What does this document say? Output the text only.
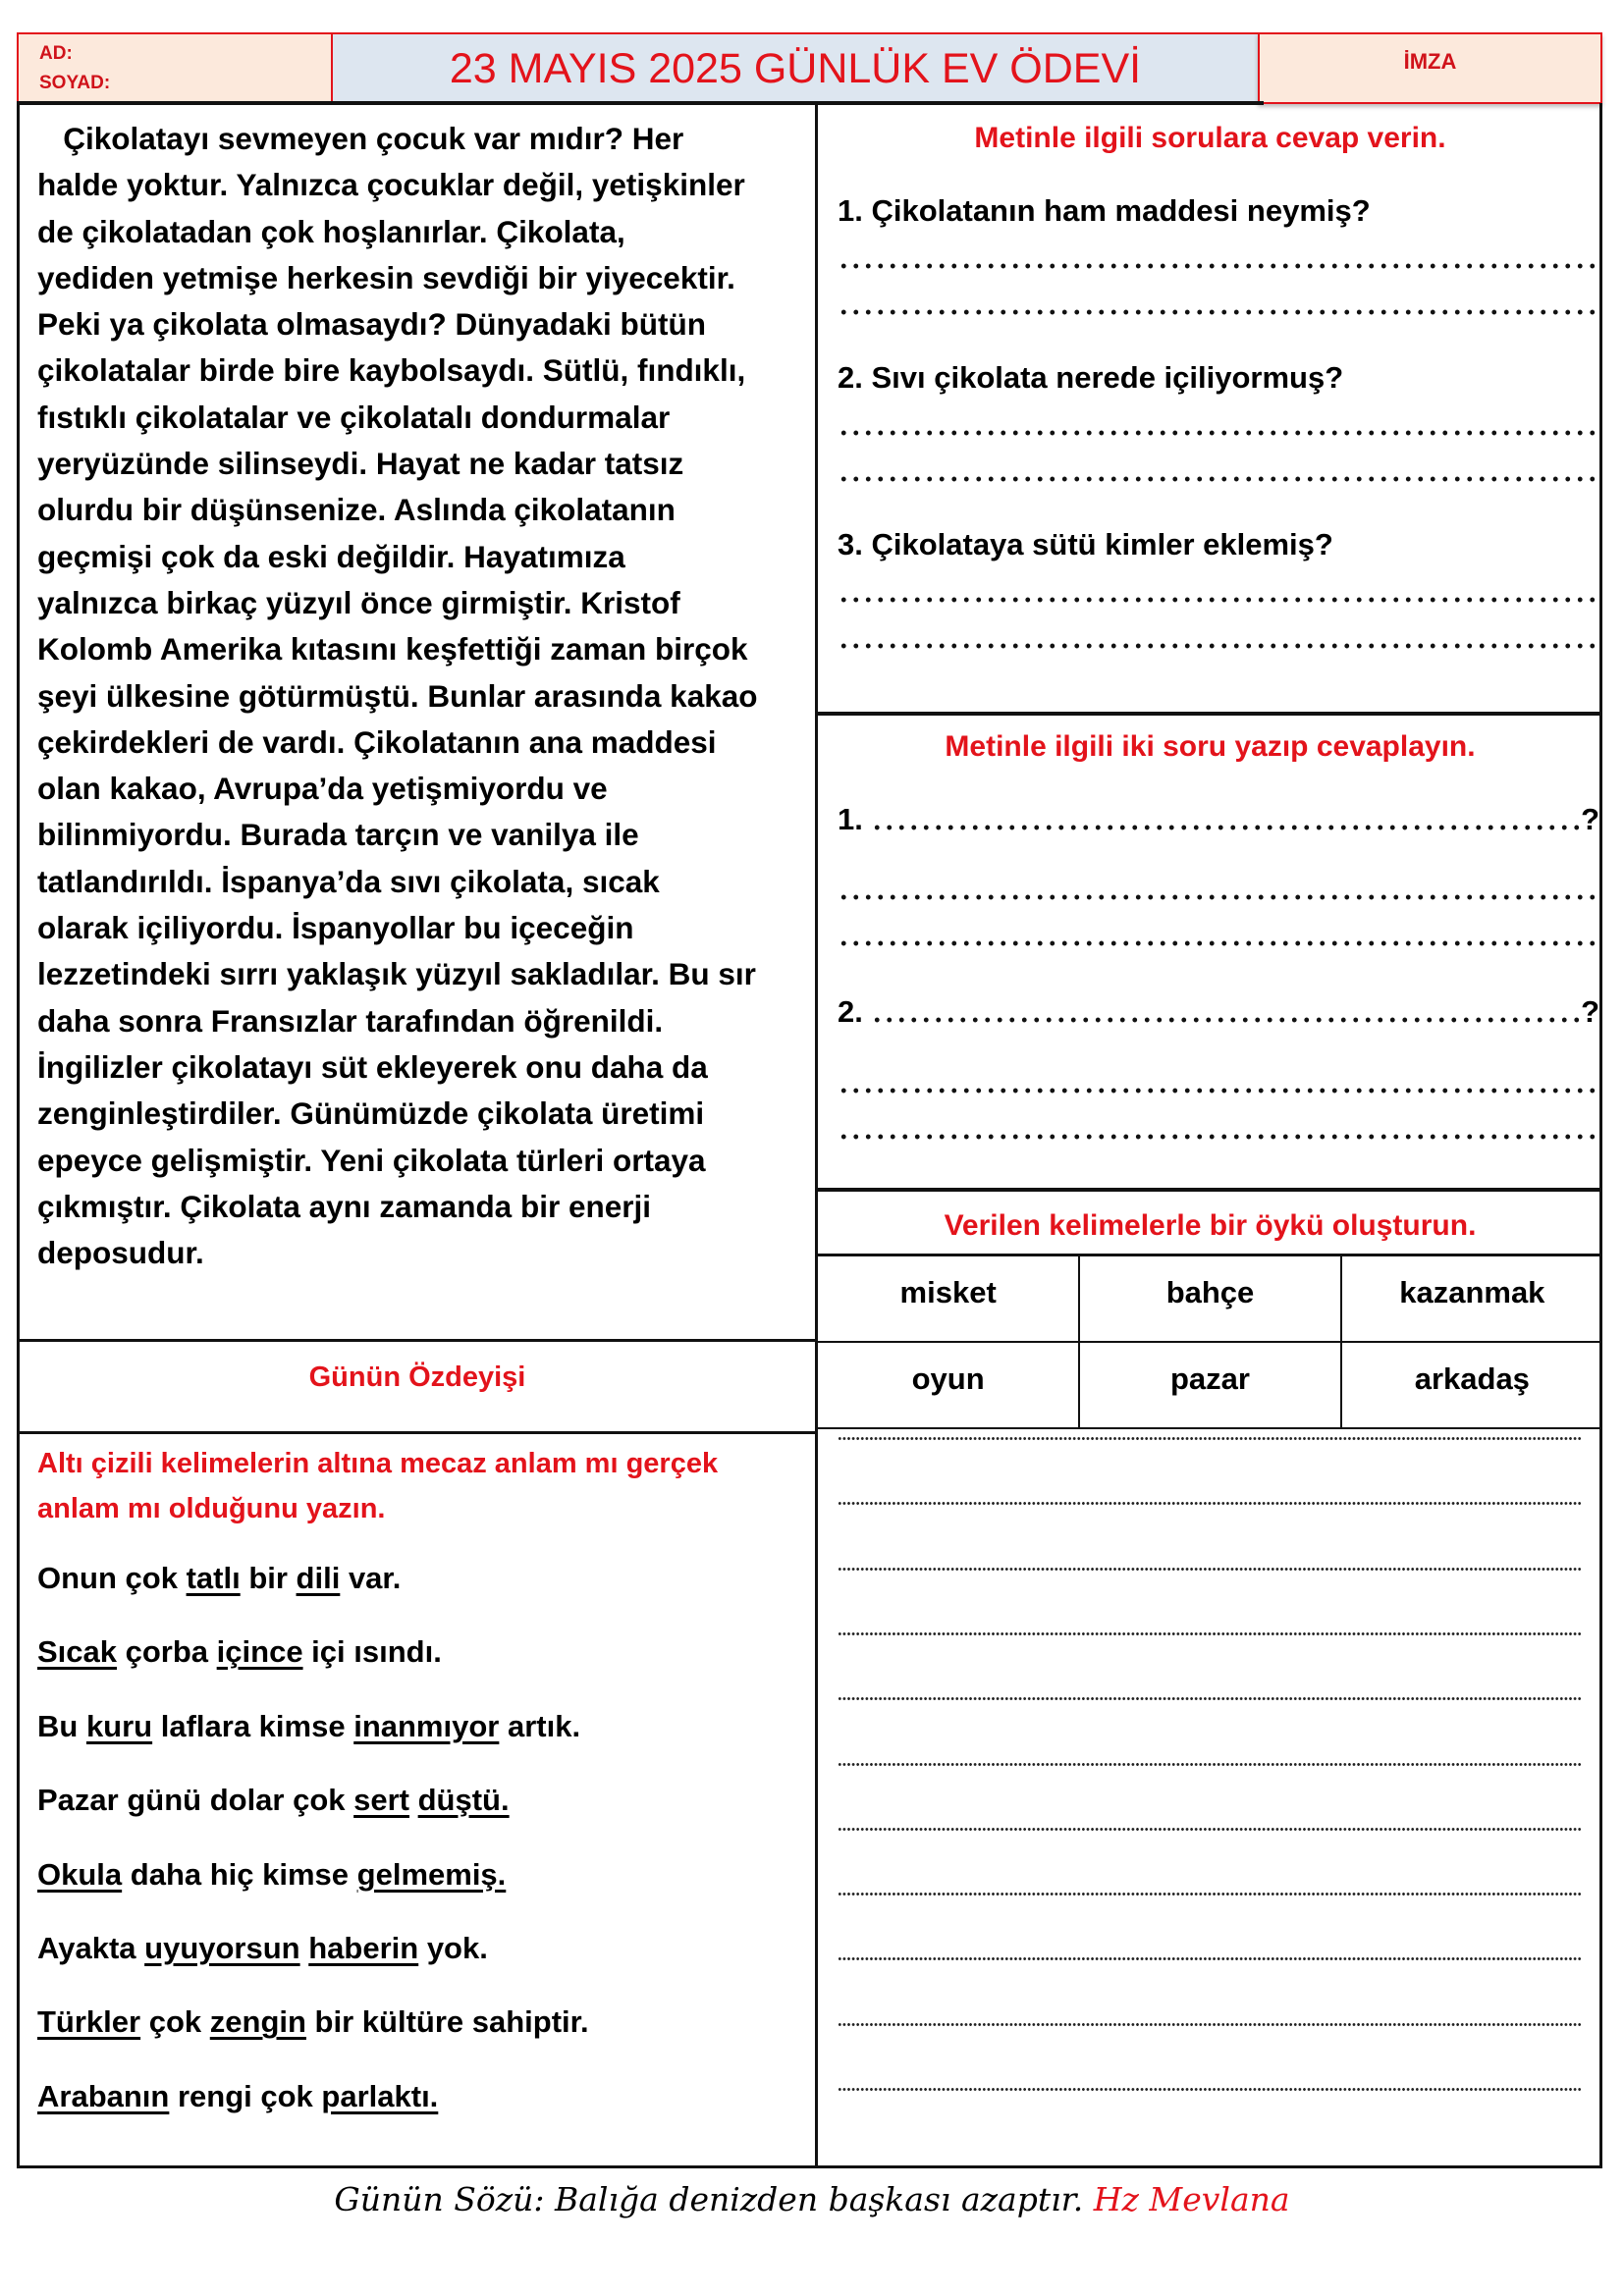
AD:
SOYAD:	23 MAYIS 2025 GÜNLÜK EV ÖDEVİ	İMZA
Çikolatayı sevmeyen çocuk var mıdır? Her
halde yoktur. Yalnızca çocuklar değil, yetişkinler
de çikolatadan çok hoşlanırlar. Çikolata,
yediden yetmişe herkesin sevdiği bir yiyecektir.
Peki ya çikolata olmasaydı? Dünyadaki bütün
çikolatalar birde bire kaybolsaydı. Sütlü, fındıklı,
fıstıklı çikolatalar ve çikolatalı dondurmalar
yeryüzünde silinseydi. Hayat ne kadar tatsız
olurdu bir düşünsenize. Aslında çikolatanın
geçmişi çok da eski değildir. Hayatımıza
yalnızca birkaç yüzyıl önce girmiştir. Kristof
Kolomb Amerika kıtasını keşfettiği zaman birçok
şeyi ülkesine götürmüştü. Bunlar arasında kakao
çekirdekleri de vardı. Çikolatanın ana maddesi
olan kakao, Avrupa’da yetişmiyordu ve
bilinmiyordu. Burada tarçın ve vanilya ile
tatlandırıldı. İspanya’da sıvı çikolata, sıcak
olarak içiliyordu. İspanyollar bu içeceğin
lezzetindeki sırrı yaklaşık yüzyıl sakladılar. Bu sır
daha sonra Fransızlar tarafından öğrenildi.
İngilizler çikolatayı süt ekleyerek onu daha da
zenginleştirdiler. Günümüzde çikolata üretimi
epeyce gelişmiştir. Yeni çikolata türleri ortaya
çıkmıştır. Çikolata aynı zamanda bir enerji
deposudur.
Günün Özdeyişi
Altı çizili kelimelerin altına mecaz anlam mı gerçek
anlam mı olduğunu yazın.
Onun çok tatlı bir dili var.
Sıcak çorba içince içi ısındı.
Bu kuru laflara kimse inanmıyor artık.
Pazar günü dolar çok sert düştü.
Okula daha hiç kimse gelmemiş.
Ayakta uyuyorsun haberin yok.
Türkler çok zengin bir kültüre sahiptir.
Arabanın rengi çok parlaktı.
Metinle ilgili sorulara cevap verin.
1. Çikolatanın ham maddesi neymiş?
2. Sıvı çikolata nerede içiliyormuş?
3. Çikolataya sütü kimler eklemiş?
Metinle ilgili iki soru yazıp cevaplayın.
1.	?
2.	?
Verilen kelimelerle bir öykü oluşturun.
misket	bahçe	kazanmak
oyun	pazar	arkadaş
Günün Sözü: Balığa denizden başkası azaptır. Hz Mevlana
